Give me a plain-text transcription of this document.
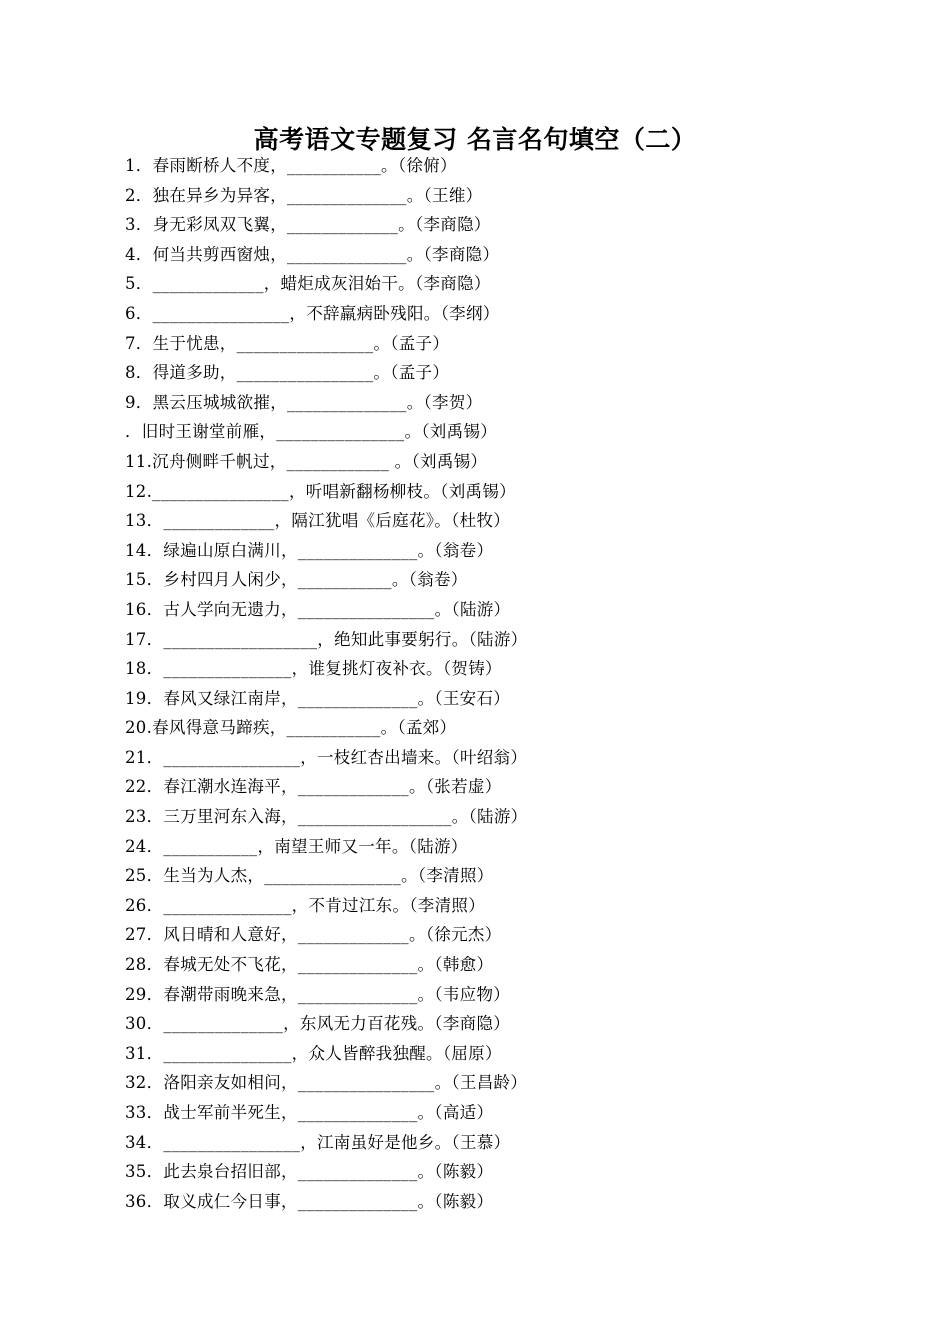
高考语文专题复习 名言名句填空（二）
1．春雨断桥人不度，___________。（徐俯）
2．独在异乡为异客，______________。（王维）
3．身无彩凤双飞翼，_____________。（李商隐）
4．何当共剪西窗烛，______________。（李商隐）
5．_____________，蜡炬成灰泪始干。（李商隐）
6．________________，不辞羸病卧残阳。（李纲）
7．生于忧患，________________。（孟子）
8．得道多助，________________。（孟子）
9．黑云压城城欲摧，______________。（李贺）
．旧时王谢堂前雁，_______________。（刘禹锡）
11.沉舟侧畔千帆过，____________ 。（刘禹锡）
12.________________，听唱新翻杨柳枝。（刘禹锡）
13．_____________，隔江犹唱《后庭花》。（杜牧）
14．绿遍山原白满川，______________。（翁卷）
15．乡村四月人闲少，___________。（翁卷）
16．古人学向无遗力，________________。（陆游）
17．__________________，绝知此事要躬行。（陆游）
18．_______________，谁复挑灯夜补衣。（贺铸）
19．春风又绿江南岸，______________。（王安石）
20.春风得意马蹄疾，___________。（孟郊）
21．________________，一枝红杏出墙来。（叶绍翁）
22．春江潮水连海平，_____________。（张若虚）
23．三万里河东入海，__________________。（陆游）
24．___________，南望王师又一年。（陆游）
25．生当为人杰，________________。（李清照）
26．_______________，不肯过江东。（李清照）
27．风日晴和人意好，_____________。（徐元杰）
28．春城无处不飞花，______________。（韩愈）
29．春潮带雨晚来急，______________。（韦应物）
30．______________，东风无力百花残。（李商隐）
31．_______________，众人皆醉我独醒。（屈原）
32．洛阳亲友如相问，________________。（王昌龄）
33．战士军前半死生，______________。（高适）
34．________________，江南虽好是他乡。（王慕）
35．此去泉台招旧部，______________。（陈毅）
36．取义成仁今日事，______________。（陈毅）
